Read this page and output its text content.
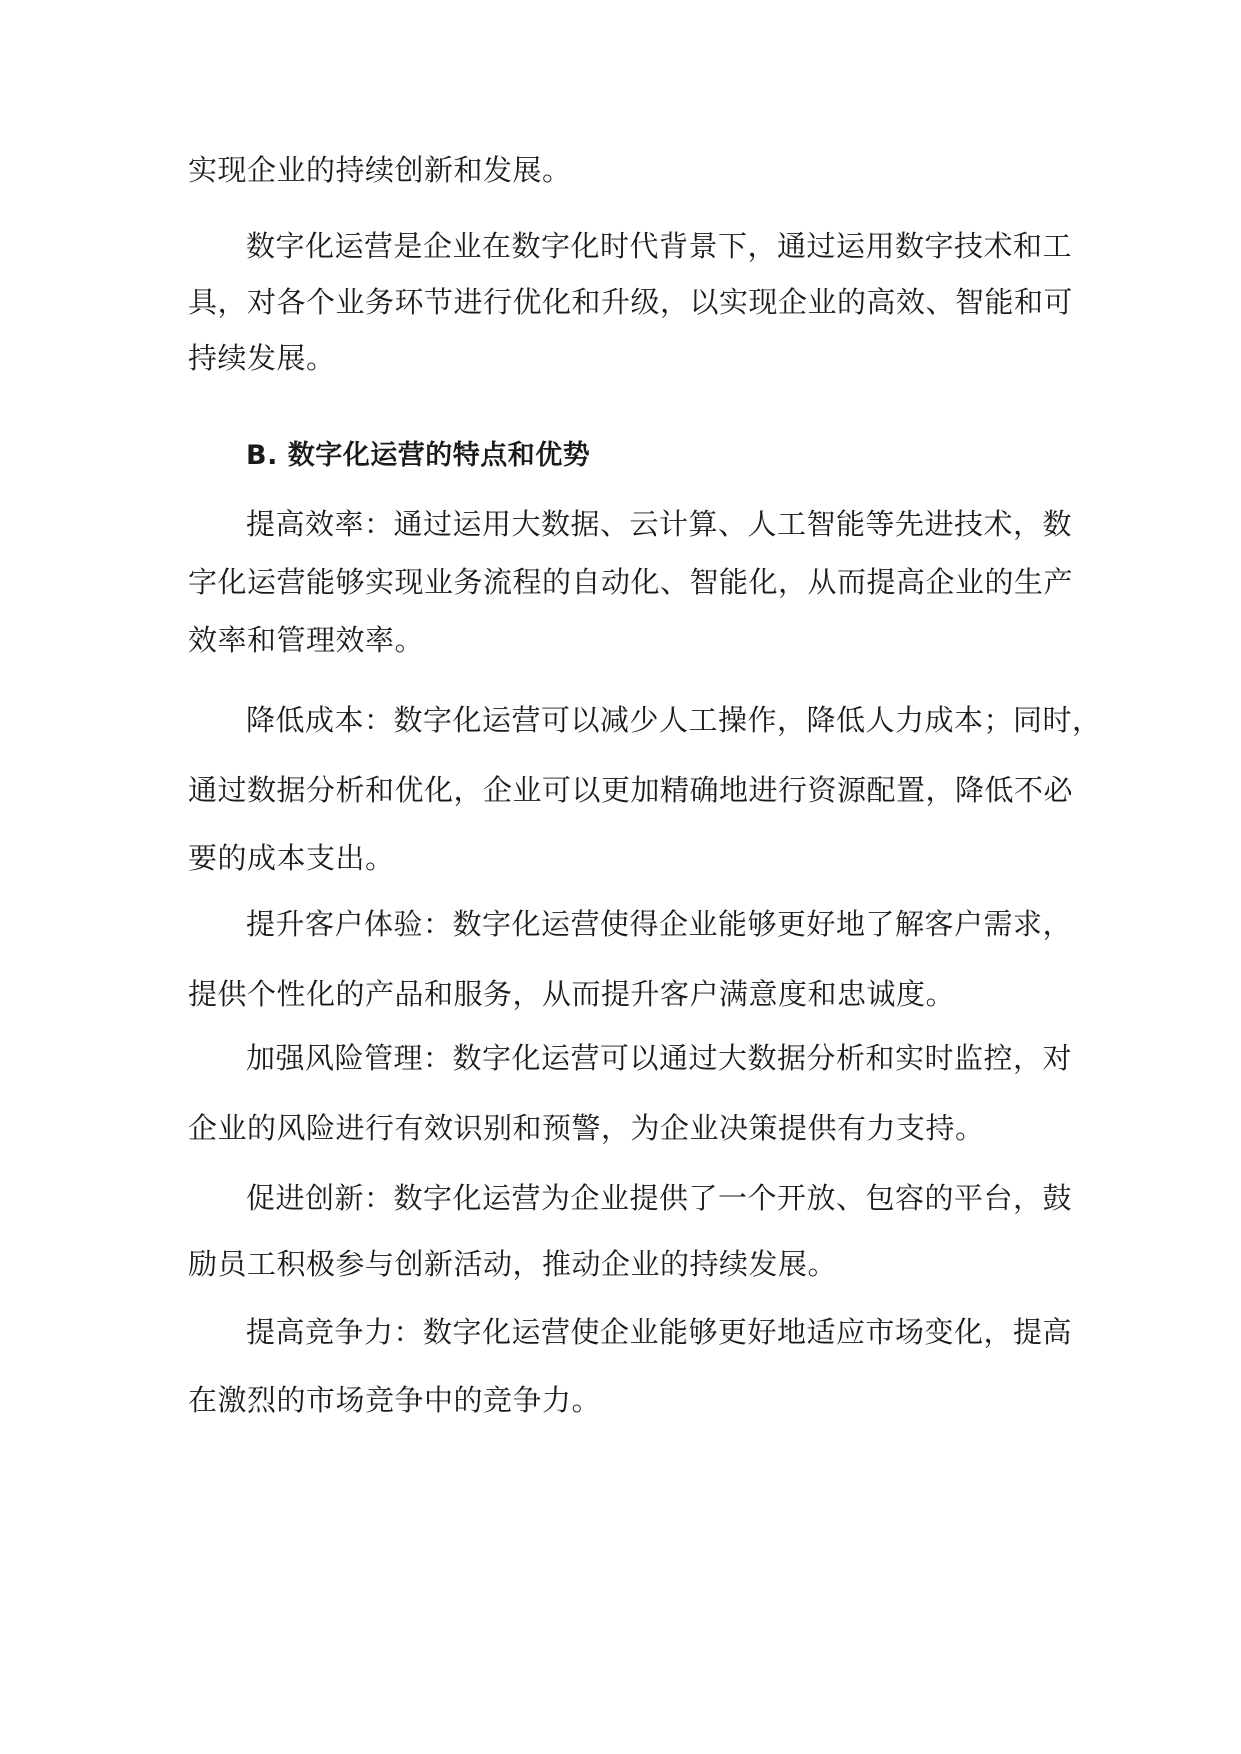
实现企业的持续创新和发展。
数字化运营是企业在数字化时代背景下，通过运用数字技术和工
具，对各个业务环节进行优化和升级，以实现企业的高效、智能和可
持续发展。
B. 数字化运营的特点和优势
提高效率：通过运用大数据、云计算、人工智能等先进技术，数
字化运营能够实现业务流程的自动化、智能化，从而提高企业的生产
效率和管理效率。
降低成本：数字化运营可以减少人工操作，降低人力成本；同时，
通过数据分析和优化，企业可以更加精确地进行资源配置，降低不必
要的成本支出。
提升客户体验：数字化运营使得企业能够更好地了解客户需求，
提供个性化的产品和服务，从而提升客户满意度和忠诚度。
加强风险管理：数字化运营可以通过大数据分析和实时监控，对
企业的风险进行有效识别和预警，为企业决策提供有力支持。
促进创新：数字化运营为企业提供了一个开放、包容的平台，鼓
励员工积极参与创新活动，推动企业的持续发展。
提高竞争力：数字化运营使企业能够更好地适应市场变化，提高
在激烈的市场竞争中的竞争力。
